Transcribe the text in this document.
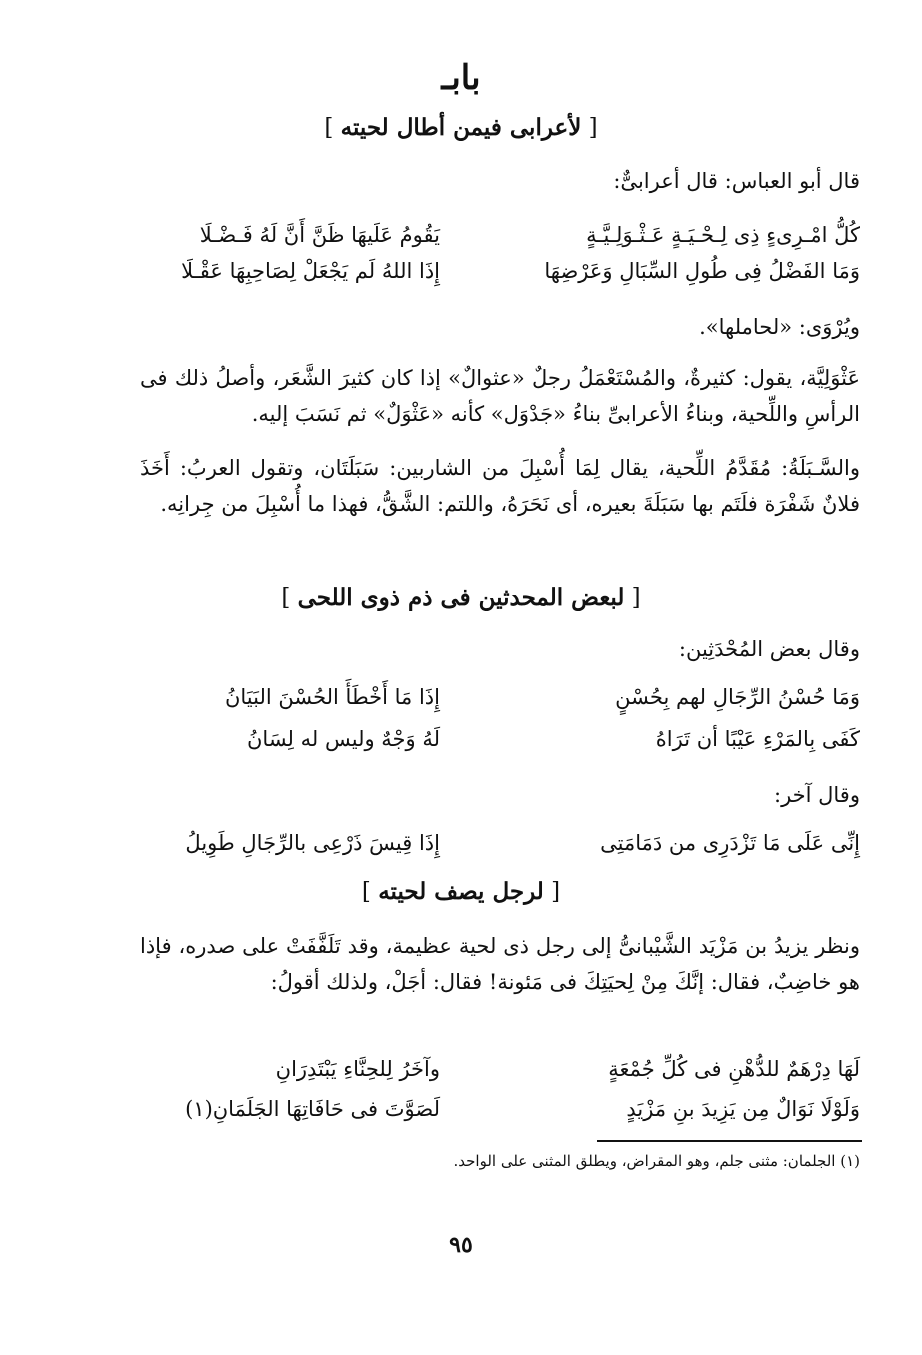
بابـ
[ لأعرابى فيمن أطال لحيته ]
قال أبو العباس: قال أعرابىٌّ:
كُلُّ امْـرِىءٍ ذِى لِـحْـيَـةٍ عَـثْـوَلِـيَّـةٍ
يَقُومُ عَلَيهَا ظَنَّ أَنَّ لَهُ فَـضْـلَا
وَمَا الفَضْلُ فِى طُولِ السِّبَالِ وَعَرْضِهَا
إِذَا اللهُ لَم يَجْعَلْ لِصَاحِبِهَا عَقْـلَا
ويُرْوَى: «لحاملها».
عَثْوَلِيَّة، يقول: كثيرةٌ، والمُسْتَعْمَلُ رجلٌ «عثوالٌ» إذا كان كثيرَ الشَّعَر، وأصلُ ذلك فى الرأسِ واللِّحية، وبناءُ الأعرابىِّ بناءُ «جَدْوَل» كأنه «عَثْوَلٌ» ثم نَسَبَ إليه.
والسَّـبَلَةُ: مُقَدَّمُ اللِّحية، يقال لِمَا أُسْبِلَ من الشاربين: سَبَلَتَان، وتقول العربُ: أَخَذَ فلانٌ شَفْرَة فلَتَم بها سَبَلَةَ بعيره، أى نَحَرَهُ، واللتم: الشَّقُّ، فهذا ما أُسْبِلَ من جِرانِه.
[ لبعض المحدثين فى ذم ذوى اللحى ]
وقال بعض المُحْدَثِين:
وَمَا حُسْنُ الرِّجَالِ لهم بِحُسْنٍ
إِذَا مَا أَخْطَأَ الحُسْنَ البَيَانُ
كَفَى بِالمَرْءِ عَيْبًا أن تَرَاهُ
لَهُ وَجْهٌ وليس له لِسَانُ
وقال آخر:
إِنِّى عَلَى مَا تَزْدَرِى من دَمَامَتِى
إِذَا قِيسَ ذَرْعِى بالرِّجَالِ طَوِيلُ
[ لرجل يصف لحيته ]
ونظر يزيدُ بن مَزْيَد الشَّيْبانىُّ إلى رجل ذى لحية عظيمة، وقد تَلَفَّفَتْ على صدره، فإذا هو خاضِبٌ، فقال: إنَّكَ مِنْ لِحيَتِكَ فى مَئونة! فقال: أجَلْ، ولذلك أقولُ:
لَهَا دِرْهَمٌ للدُّهْنِ فى كُلِّ جُمْعَةٍ
وآخَرُ لِلحِنَّاءِ يَبْتَدِرَانِ
وَلَوْلَا نَوَالٌ مِن يَزِيدَ بنِ مَزْيَدٍ
لَصَوَّتَ فى حَافَاتِهَا الجَلَمَانِ(١)
(١) الجلمان: مثنى جلم، وهو المقراض، ويطلق المثنى على الواحد.
٩٥
